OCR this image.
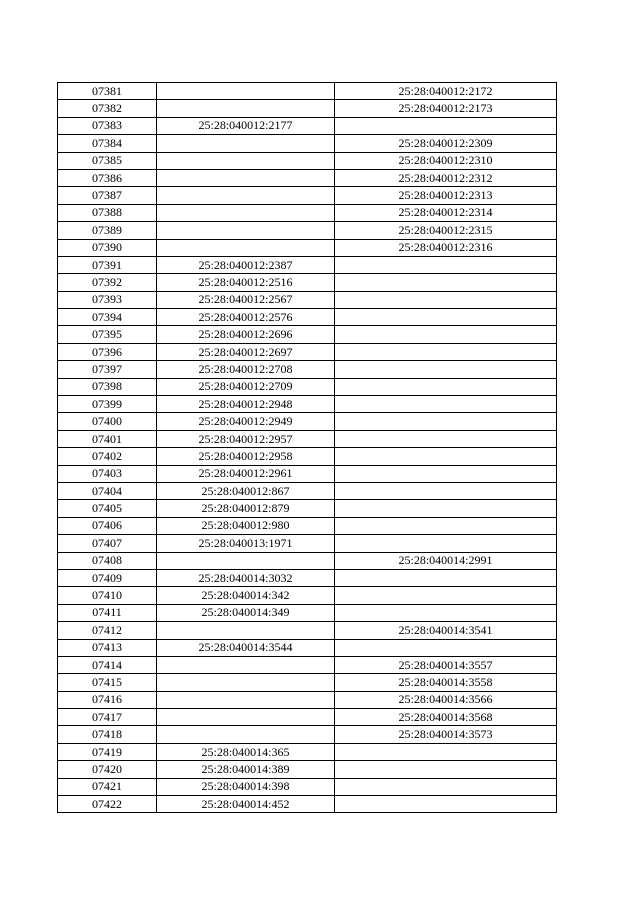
07381		25:28:040012:2172
07382		25:28:040012:2173
07383	25:28:040012:2177	
07384		25:28:040012:2309
07385		25:28:040012:2310
07386		25:28:040012:2312
07387		25:28:040012:2313
07388		25:28:040012:2314
07389		25:28:040012:2315
07390		25:28:040012:2316
07391	25:28:040012:2387	
07392	25:28:040012:2516	
07393	25:28:040012:2567	
07394	25:28:040012:2576	
07395	25:28:040012:2696	
07396	25:28:040012:2697	
07397	25:28:040012:2708	
07398	25:28:040012:2709	
07399	25:28:040012:2948	
07400	25:28:040012:2949	
07401	25:28:040012:2957	
07402	25:28:040012:2958	
07403	25:28:040012:2961	
07404	25:28:040012:867	
07405	25:28:040012:879	
07406	25:28:040012:980	
07407	25:28:040013:1971	
07408		25:28:040014:2991
07409	25:28:040014:3032	
07410	25:28:040014:342	
07411	25:28:040014:349	
07412		25:28:040014:3541
07413	25:28:040014:3544	
07414		25:28:040014:3557
07415		25:28:040014:3558
07416		25:28:040014:3566
07417		25:28:040014:3568
07418		25:28:040014:3573
07419	25:28:040014:365	
07420	25:28:040014:389	
07421	25:28:040014:398	
07422	25:28:040014:452	
